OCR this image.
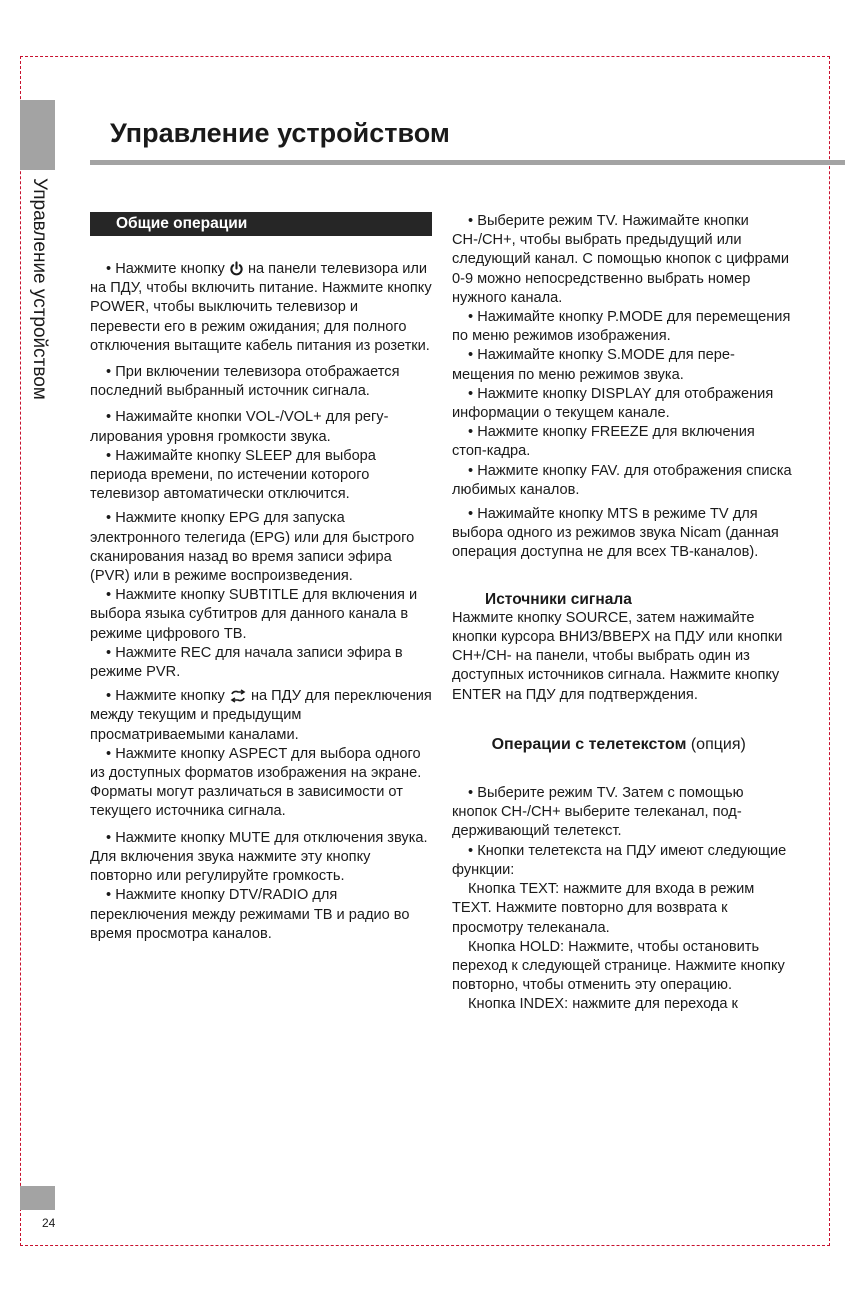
Управление устройством
24
Управление устройством
Общие операции

• Нажмите кнопку на панели телевизора или на ПДУ, чтобы включить питание. Нажмите кнопку POWER, чтобы выключить телевизор и перевести его в режим ожидания; для полного отключения вытащите кабель питания из розетки.

• При включении телевизора отображается последний выбранный источник сигнала.

• Нажимайте кнопки VOL-/VOL+ для регулирования уровня громкости звука.

• Нажимайте кнопку SLEEP для выбора периода времени, по истечении которого телевизор автоматически отключится.

• Нажмите кнопку EPG для запуска электронного телегида (EPG) или для быстрого сканирования назад во время записи эфира (PVR) или в режиме воспроизведения.

• Нажмите кнопку SUBTITLE для включения и выбора языка субтитров для данного канала в режиме цифрового ТВ.

• Нажмите REC для начала записи эфира в режиме PVR.

• Нажмите кнопку на ПДУ для переключения между текущим и предыдущим просматриваемыми каналами.

• Нажмите кнопку ASPECT для выбора одного из доступных форматов изображения на экране. Форматы могут различаться в зависимости от текущего источника сигнала.

• Нажмите кнопку MUTE для отключения звука. Для включения звука нажмите эту кнопку повторно или регулируйте громкость.

• Нажмите кнопку DTV/RADIO для переключения между режимами ТВ и радио во время просмотра каналов.

• Выберите режим TV. Нажимайте кнопки CH-/CH+, чтобы выбрать предыдущий или следующий канал. С помощью кнопок с цифрами 0-9 можно непосредственно выбрать номер нужного канала.

• Нажимайте кнопку P.MODE для перемещения по меню режимов изображения.

• Нажимайте кнопку S.MODE для перемещения по меню режимов звука.

• Нажмите кнопку DISPLAY для отображения информации о текущем канале.

• Нажмите кнопку FREEZE для включения стоп-кадра.

• Нажмите кнопку FAV. для отображения списка любимых каналов.

• Нажимайте кнопку MTS в режиме TV для выбора одного из режимов звука Nicam (данная операция доступна не для всех ТВ-каналов).

Источники сигнала

Нажмите кнопку SOURCE, затем нажимайте кнопки курсора ВНИЗ/ВВЕРХ на ПДУ или кнопки CH+/CH- на панели, чтобы выбрать один из доступных источников сигнала. Нажмите кнопку ENTER на ПДУ для подтверждения.

Операции с телетекстом (опция)

• Выберите режим TV. Затем с помощью кнопок CH-/CH+ выберите телеканал, поддерживающий телетекст.

• Кнопки телетекста на ПДУ имеют следующие функции:

Кнопка TEXT: нажмите для входа в режим TEXT. Нажмите повторно для возврата к просмотру телеканала.

Кнопка HOLD: Нажмите, чтобы остановить переход к следующей странице. Нажмите кнопку повторно, чтобы отменить эту операцию.

Кнопка INDEX: нажмите для перехода к
